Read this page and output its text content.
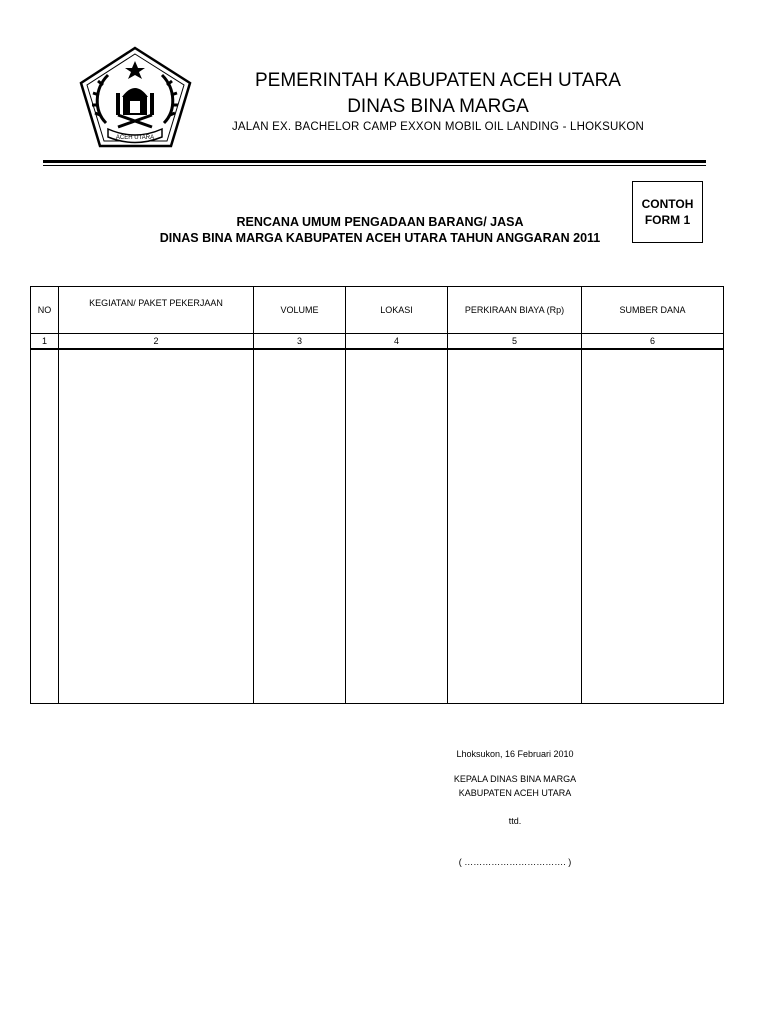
ACEH UTARA
PEMERINTAH KABUPATEN ACEH UTARA
DINAS BINA MARGA
JALAN EX. BACHELOR CAMP EXXON MOBIL OIL LANDING - LHOKSUKON
CONTOH
FORM 1
RENCANA UMUM PENGADAAN BARANG/ JASA
DINAS BINA MARGA KABUPATEN ACEH UTARA TAHUN ANGGARAN 2011
NO	KEGIATAN/ PAKET PEKERJAAN	VOLUME	LOKASI	PERKIRAAN BIAYA (Rp)	SUMBER DANA
1	2	3	4	5	6

Lhoksukon, 16 Februari 2010
KEPALA DINAS BINA MARGA
KABUPATEN ACEH UTARA
ttd.
( ……………………………. )
